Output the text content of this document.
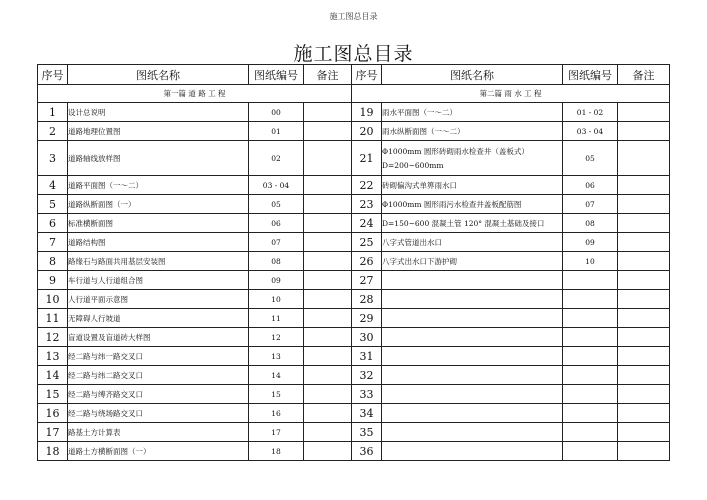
施工图总目录
施工图总目录
序号	图纸名称	图纸编号	备注	序号	图纸名称	图纸编号	备注
第一篇 道 路 工 程				第二篇 雨 水 工 程			
1	设计总说明	00		19	雨水平面图（一～二）	01 - 02	
2	道路地理位置图	01		20	雨水纵断面图（一～二）	03 - 04	
3	道路轴线放样图	02		21	Φ1000mm 圆形砖砌雨水检查井（盖板式）D=200~600mm	05	
4	道路平面图（一～二）	03 - 04		22	砖砌偏沟式单箅雨水口	06	
5	道路纵断面图（一）	05		23	Φ1000mm 圆形雨污水检查井盖板配筋图	07	
6	标准横断面图	06		24	D=150~600 混凝土管 120° 混凝土基础及接口	08	
7	道路结构图	07		25	八字式管道出水口	09	
8	路缘石与路面共用基层安装图	08		26	八字式出水口下游护砌	10	
9	车行道与人行道组合图	09		27			
10	人行道平面示意图	10		28			
11	无障碍人行坡道	11		29			
12	盲道设置及盲道砖大样图	12		30			
13	经二路与纬一路交叉口	13		31			
14	经二路与纬二路交叉口	14		32			
15	经二路与缚齐路交叉口	15		33			
16	经二路与绕场路交叉口	16		34			
17	路基土方计算表	17		35			
18	道路土方横断面图（一）	18		36			
